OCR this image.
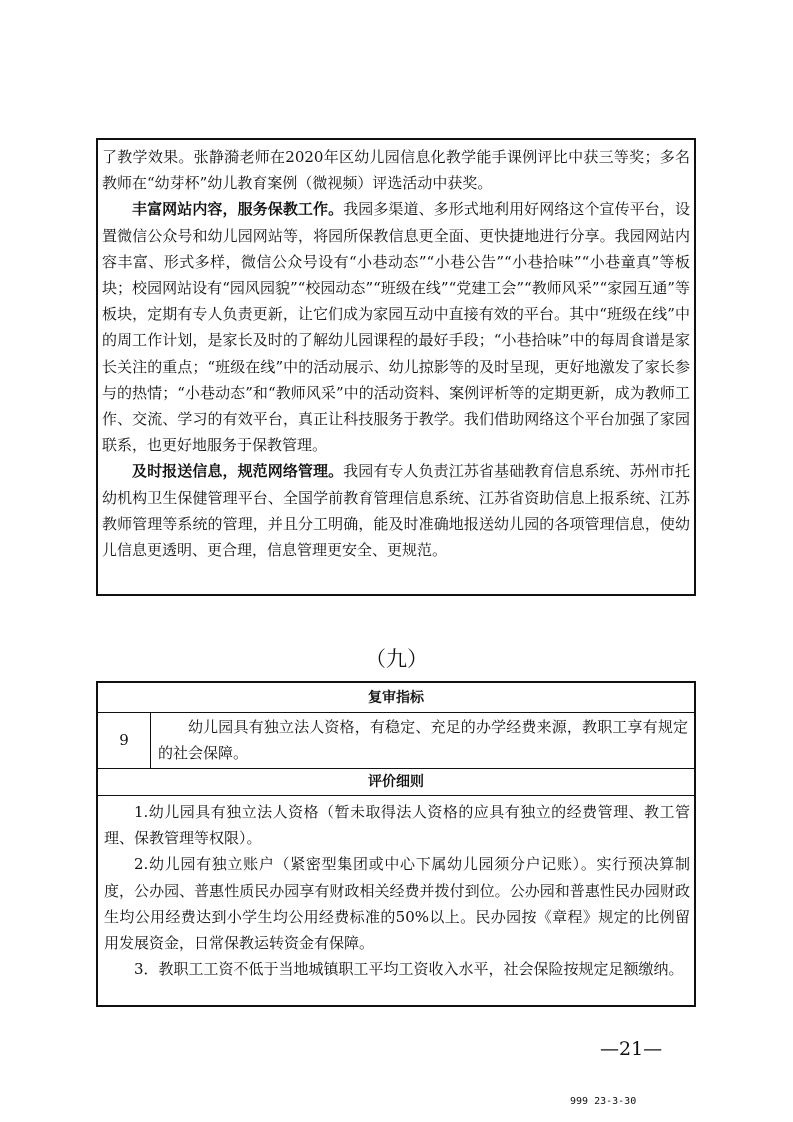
了教学效果。张静漪老师在2020年区幼儿园信息化教学能手课例评比中获三等奖；多名教师在“幼芽杯”幼儿教育案例（微视频）评选活动中获奖。

丰富网站内容，服务保教工作。我园多渠道、多形式地利用好网络这个宣传平台，设置微信公众号和幼儿园网站等，将园所保教信息更全面、更快捷地进行分享。我园网站内容丰富、形式多样，微信公众号设有“小巷动态”“小巷公告”“小巷拾味”“小巷童真”等板块；校园网站设有“园风园貌”“校园动态”“班级在线”“党建工会”“教师风采”“家园互通”等板块，定期有专人负责更新，让它们成为家园互动中直接有效的平台。其中“班级在线”中的周工作计划，是家长及时的了解幼儿园课程的最好手段；“小巷拾味”中的每周食谱是家长关注的重点；“班级在线”中的活动展示、幼儿掠影等的及时呈现，更好地激发了家长参与的热情；“小巷动态”和“教师风采”中的活动资料、案例评析等的定期更新，成为教师工作、交流、学习的有效平台，真正让科技服务于教学。我们借助网络这个平台加强了家园联系，也更好地服务于保教管理。

及时报送信息，规范网络管理。我园有专人负责江苏省基础教育信息系统、苏州市托幼机构卫生保健管理平台、全国学前教育管理信息系统、江苏省资助信息上报系统、江苏教师管理等系统的管理，并且分工明确，能及时准确地报送幼儿园的各项管理信息，使幼儿信息更透明、更合理，信息管理更安全、更规范。

（九）
复审指标
9

幼儿园具有独立法人资格，有稳定、充足的办学经费来源，教职工享有规定的社会保障。

评价细则

1.幼儿园具有独立法人资格（暂未取得法人资格的应具有独立的经费管理、教工管理、保教管理等权限）。

2.幼儿园有独立账户（紧密型集团或中心下属幼儿园须分户记账）。实行预决算制度，公办园、普惠性质民办园享有财政相关经费并拨付到位。公办园和普惠性民办园财政生均公用经费达到小学生均公用经费标准的50%以上。民办园按《章程》规定的比例留用发展资金，日常保教运转资金有保障。

3．教职工工资不低于当地城镇职工平均工资收入水平，社会保险按规定足额缴纳。

—21—
999 23-3-30
